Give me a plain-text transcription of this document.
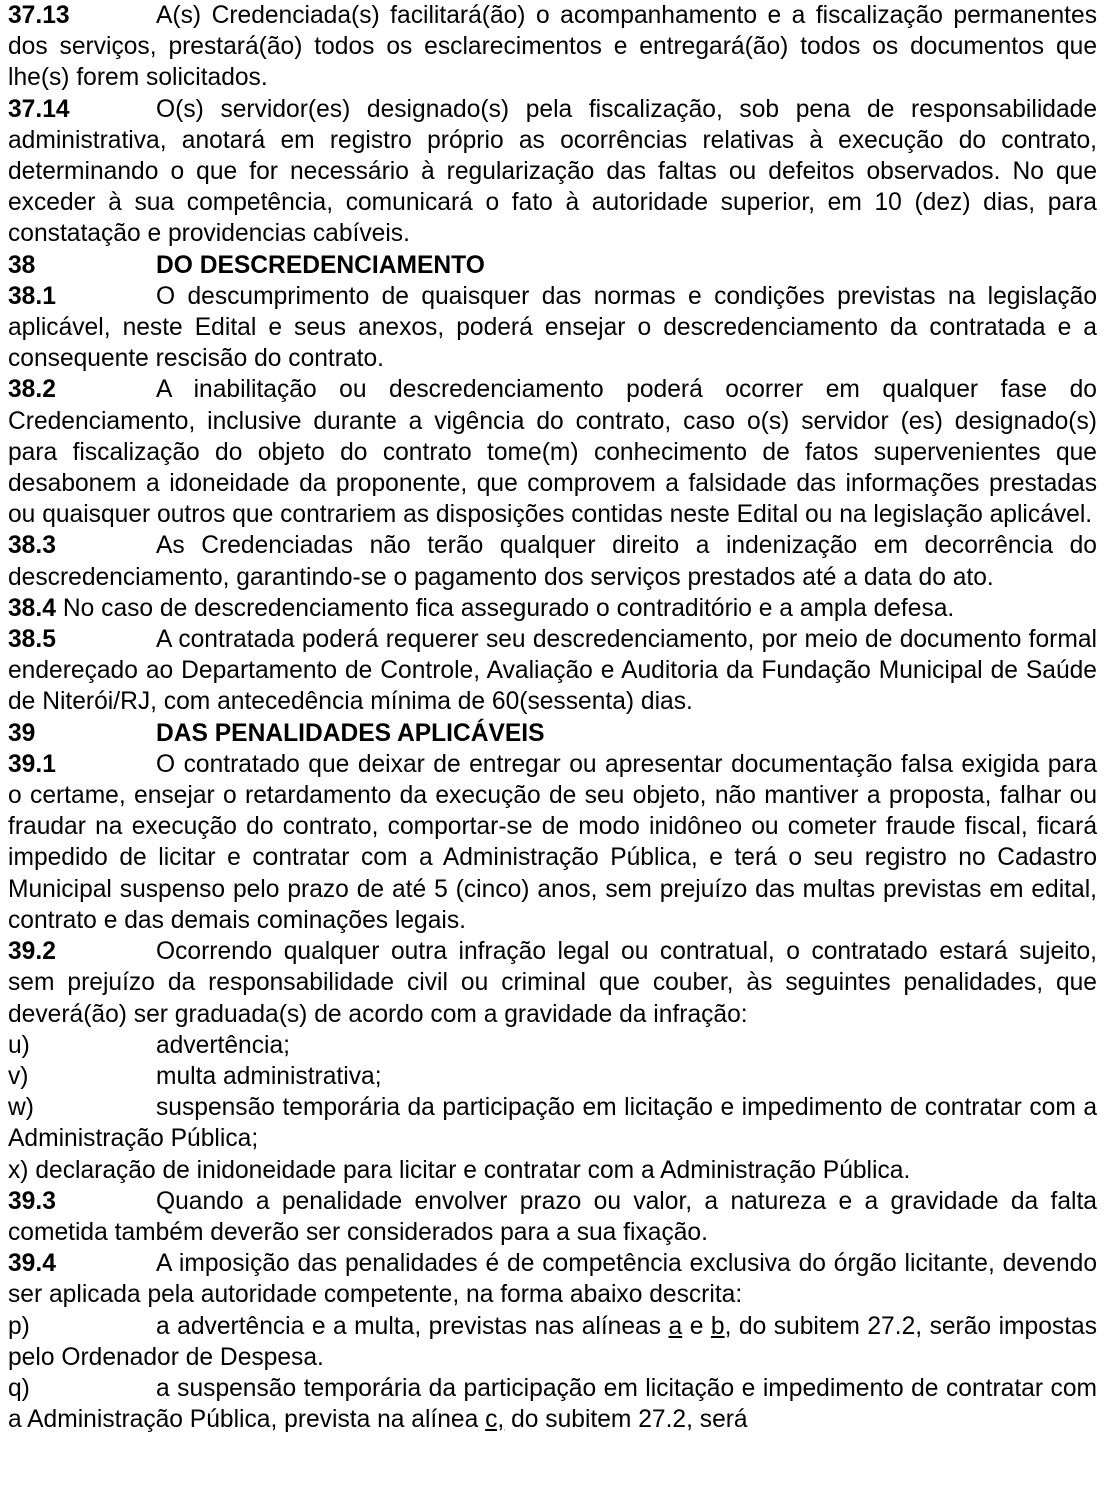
37.13	A(s) Credenciada(s) facilitará(ão) o acompanhamento e a fiscalização permanentes dos serviços, prestará(ão) todos os esclarecimentos e entregará(ão) todos os documentos que lhe(s) forem solicitados.

37.14	O(s) servidor(es) designado(s) pela fiscalização, sob pena de responsabilidade administrativa, anotará em registro próprio as ocorrências relativas à execução do contrato, determinando o que for necessário à regularização das faltas ou defeitos observados. No que exceder à sua competência, comunicará o fato à autoridade superior, em 10 (dez) dias, para constatação e providencias cabíveis.

38	DO DESCREDENCIAMENTO

38.1	O descumprimento de quaisquer das normas e condições previstas na legislação aplicável, neste Edital e seus anexos, poderá ensejar o descredenciamento da contratada e a consequente rescisão do contrato.

38.2	A inabilitação ou descredenciamento poderá ocorrer em qualquer fase do Credenciamento, inclusive durante a vigência do contrato, caso o(s) servidor (es) designado(s) para fiscalização do objeto do contrato tome(m) conhecimento de fatos supervenientes que desabonem a idoneidade da proponente, que comprovem a falsidade das informações prestadas ou quaisquer outros que contrariem as disposições contidas neste Edital ou na legislação aplicável.

38.3	As Credenciadas não terão qualquer direito a indenização em decorrência do descredenciamento, garantindo-se o pagamento dos serviços prestados até a data do ato.

38.4 No caso de descredenciamento fica assegurado o contraditório e a ampla defesa.

38.5	A contratada poderá requerer seu descredenciamento, por meio de documento formal endereçado ao Departamento de Controle, Avaliação e Auditoria da Fundação Municipal de Saúde de Niterói/RJ, com antecedência mínima de 60(sessenta) dias.

39	DAS PENALIDADES APLICÁVEIS

39.1	O contratado que deixar de entregar ou apresentar documentação falsa exigida para o certame, ensejar o retardamento da execução de seu objeto, não mantiver a proposta, falhar ou fraudar na execução do contrato, comportar-se de modo inidôneo ou cometer fraude fiscal, ficará impedido de licitar e contratar com a Administração Pública, e terá o seu registro no Cadastro Municipal suspenso pelo prazo de até 5 (cinco) anos, sem prejuízo das multas previstas em edital, contrato e das demais cominações legais.

39.2	Ocorrendo qualquer outra infração legal ou contratual, o contratado estará sujeito, sem prejuízo da responsabilidade civil ou criminal que couber, às seguintes penalidades, que deverá(ão) ser graduada(s) de acordo com a gravidade da infração:

u)	advertência;

v)	multa administrativa;

w)	suspensão temporária da participação em licitação e impedimento de contratar com a Administração Pública;

x) declaração de inidoneidade para licitar e contratar com a Administração Pública.

39.3	Quando a penalidade envolver prazo ou valor, a natureza e a gravidade da falta cometida também deverão ser considerados para a sua fixação.

39.4	A imposição das penalidades é de competência exclusiva do órgão licitante, devendo ser aplicada pela autoridade competente, na forma abaixo descrita:

p)	a advertência e a multa, previstas nas alíneas a e b, do subitem 27.2, serão impostas pelo Ordenador de Despesa.

q)	a suspensão temporária da participação em licitação e impedimento de contratar com a Administração Pública, prevista na alínea c, do subitem 27.2, será
